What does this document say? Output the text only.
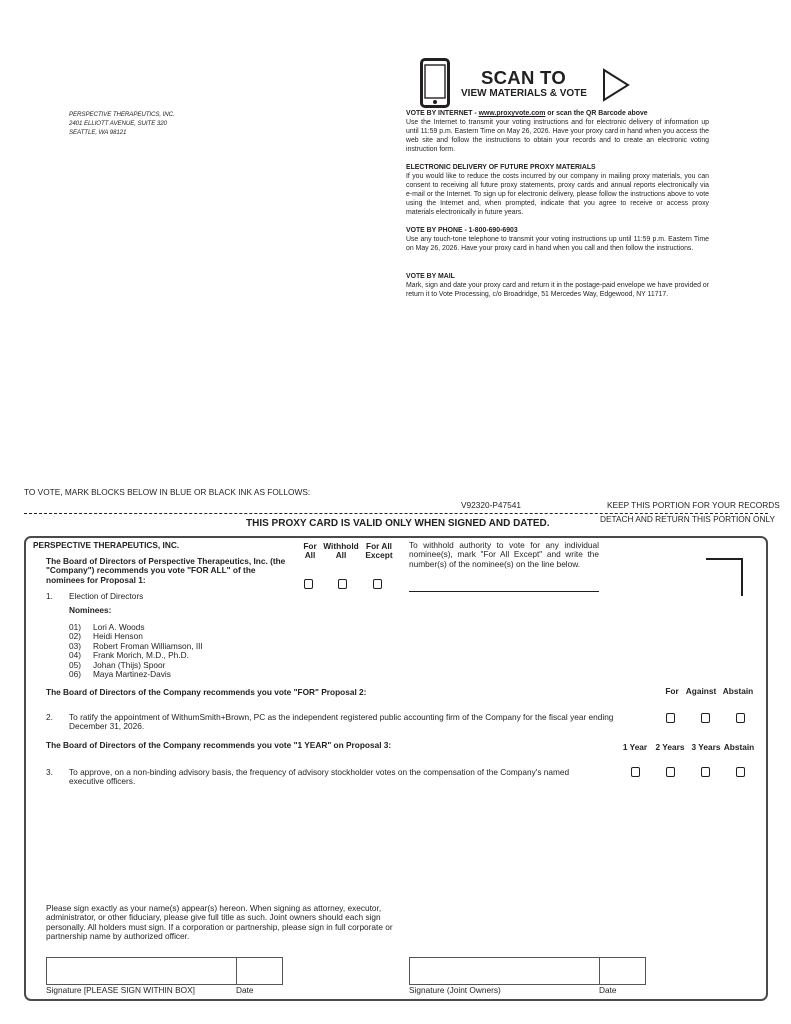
PERSPECTIVE THERAPEUTICS, INC.
2401 ELLIOTT AVENUE, SUITE 320
SEATTLE, WA 98121
SCAN TO
VIEW MATERIALS & VOTE
VOTE BY INTERNET - www.proxyvote.com or scan the QR Barcode above
Use the Internet to transmit your voting instructions and for electronic delivery of information up until 11:59 p.m. Eastern Time on May 26, 2026. Have your proxy card in hand when you access the web site and follow the instructions to obtain your records and to create an electronic voting instruction form.
ELECTRONIC DELIVERY OF FUTURE PROXY MATERIALS
If you would like to reduce the costs incurred by our company in mailing proxy materials, you can consent to receiving all future proxy statements, proxy cards and annual reports electronically via e-mail or the Internet. To sign up for electronic delivery, please follow the instructions above to vote using the Internet and, when prompted, indicate that you agree to receive or access proxy materials electronically in future years.
VOTE BY PHONE - 1-800-690-6903
Use any touch-tone telephone to transmit your voting instructions up until 11:59 p.m. Eastern Time on May 26, 2026. Have your proxy card in hand when you call and then follow the instructions.
VOTE BY MAIL
Mark, sign and date your proxy card and return it in the postage-paid envelope we have provided or return it to Vote Processing, c/o Broadridge, 51 Mercedes Way, Edgewood, NY 11717.
TO VOTE, MARK BLOCKS BELOW IN BLUE OR BLACK INK AS FOLLOWS:
V92320-P47541	KEEP THIS PORTION FOR YOUR RECORDS
DETACH AND RETURN THIS PORTION ONLY
THIS PROXY CARD IS VALID ONLY WHEN SIGNED AND DATED.
PERSPECTIVE THERAPEUTICS, INC.	For
All
Withhold
All
For All
Except
The Board of Directors of Perspective Therapeutics, Inc. (the "Company") recommends you vote "FOR ALL" of the nominees for Proposal 1:
To withhold authority to vote for any individual nominee(s), mark "For All Except" and write the number(s) of the nominee(s) on the line below.
1. Election of Directors
Nominees:
01) Lori A. Woods
02) Heidi Henson
03) Robert Froman Williamson, III
04) Frank Morich, M.D., Ph.D.
05) Johan (Thijs) Spoor
06) Maya Martinez-Davis
The Board of Directors of the Company recommends you vote "FOR" Proposal 2:	For Against Abstain
2. To ratify the appointment of WithumSmith+Brown, PC as the independent registered public accounting firm of the Company for the fiscal year ending December 31, 2026.
The Board of Directors of the Company recommends you vote "1 YEAR" on Proposal 3:	1 Year	2 Years 3 Years Abstain
3. To approve, on a non-binding advisory basis, the frequency of advisory stockholder votes on the compensation of the Company's named executive officers.
Please sign exactly as your name(s) appear(s) hereon. When signing as attorney, executor, administrator, or other fiduciary, please give full title as such. Joint owners should each sign personally. All holders must sign. If a corporation or partnership, please sign in full corporate or partnership name by authorized officer.
Signature [PLEASE SIGN WITHIN BOX]	Date	Signature (Joint Owners)	Date
